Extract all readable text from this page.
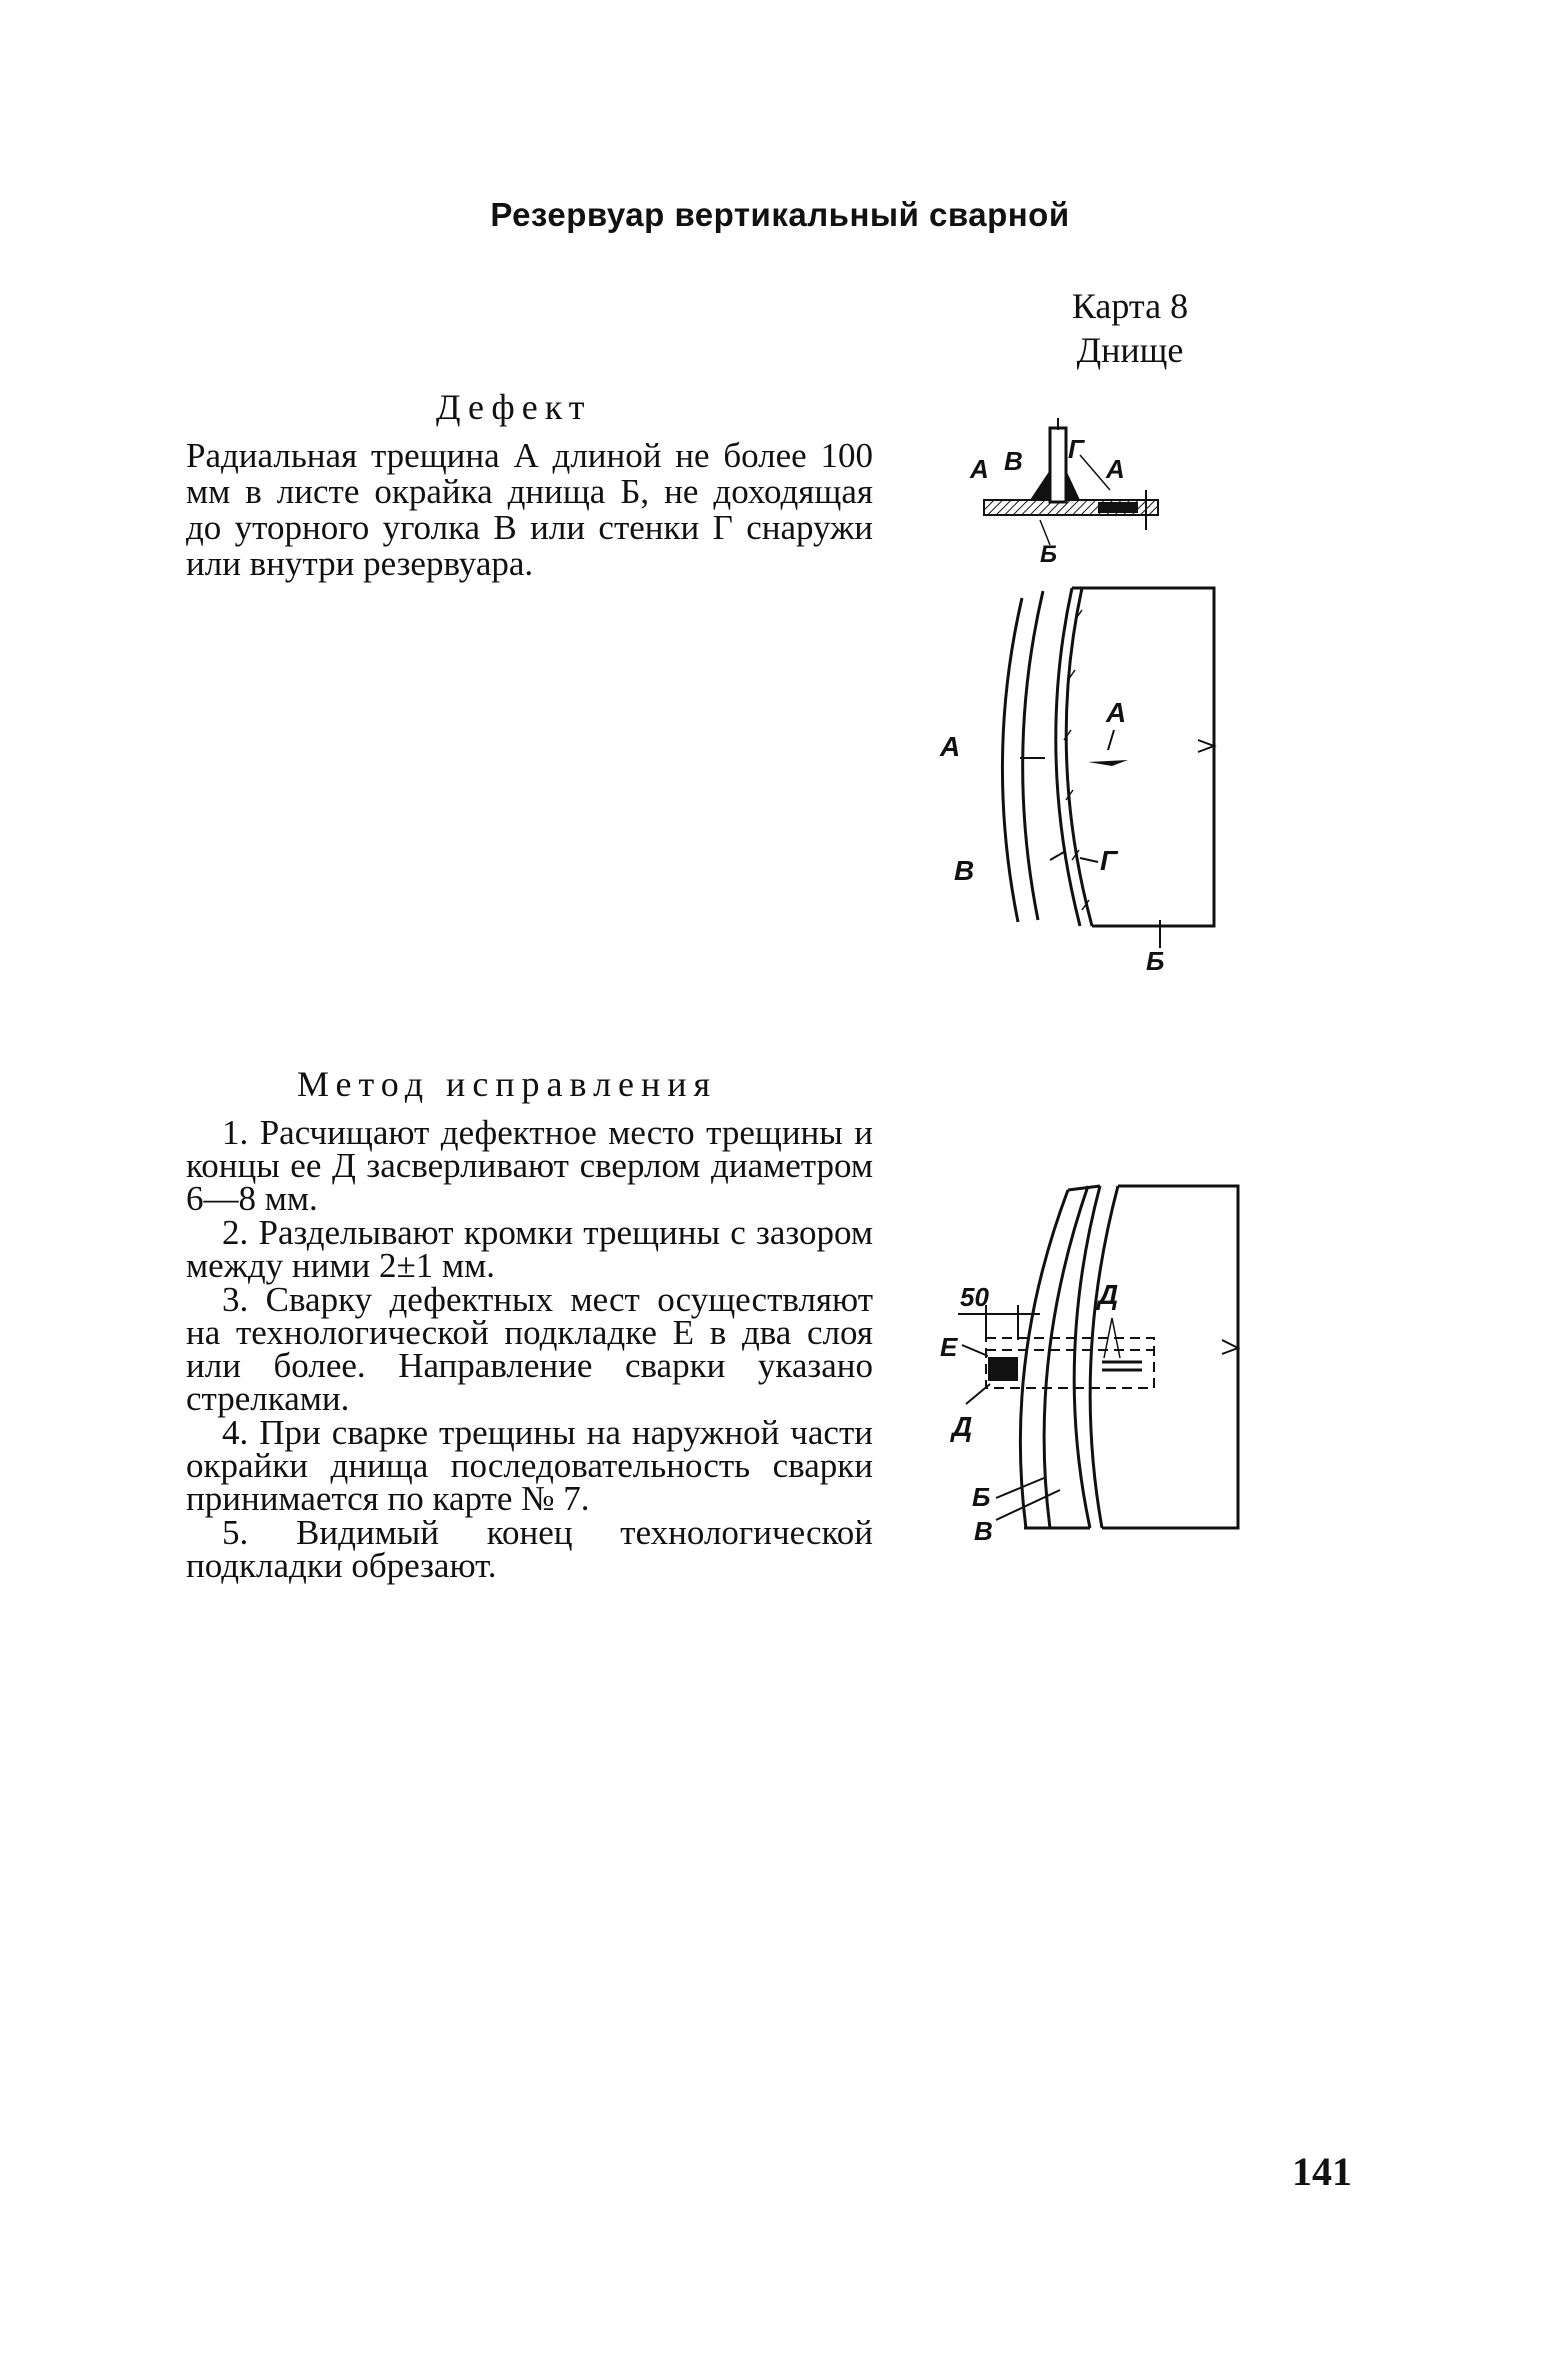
Резервуар вертикальный сварной
Карта 8
Днище
Дефект
Радиальная трещина А длиной не более 100 мм в листе окрайка днища Б, не доходящая до уторного уголка В или стенки Г снаружи или внутри резервуара.
Метод исправления

1. Расчищают дефектное место трещины и концы ее Д засверливают сверлом диаметром 6—8 мм.

2. Разделывают кромки трещины с зазором между ними 2±1 мм.

3. Сварку дефектных мест осуществляют на технологической подкладке Е в два слоя или более. Направление сварки указано стрелками.

4. При сварке трещины на наружной части окрайки днища последовательность сварки принимается по карте № 7.

5. Видимый конец технологической подкладки обрезают.

А В Г
А
Б
А
А
В	Г
Б
50
Е
Д
Д
Б
В
141
